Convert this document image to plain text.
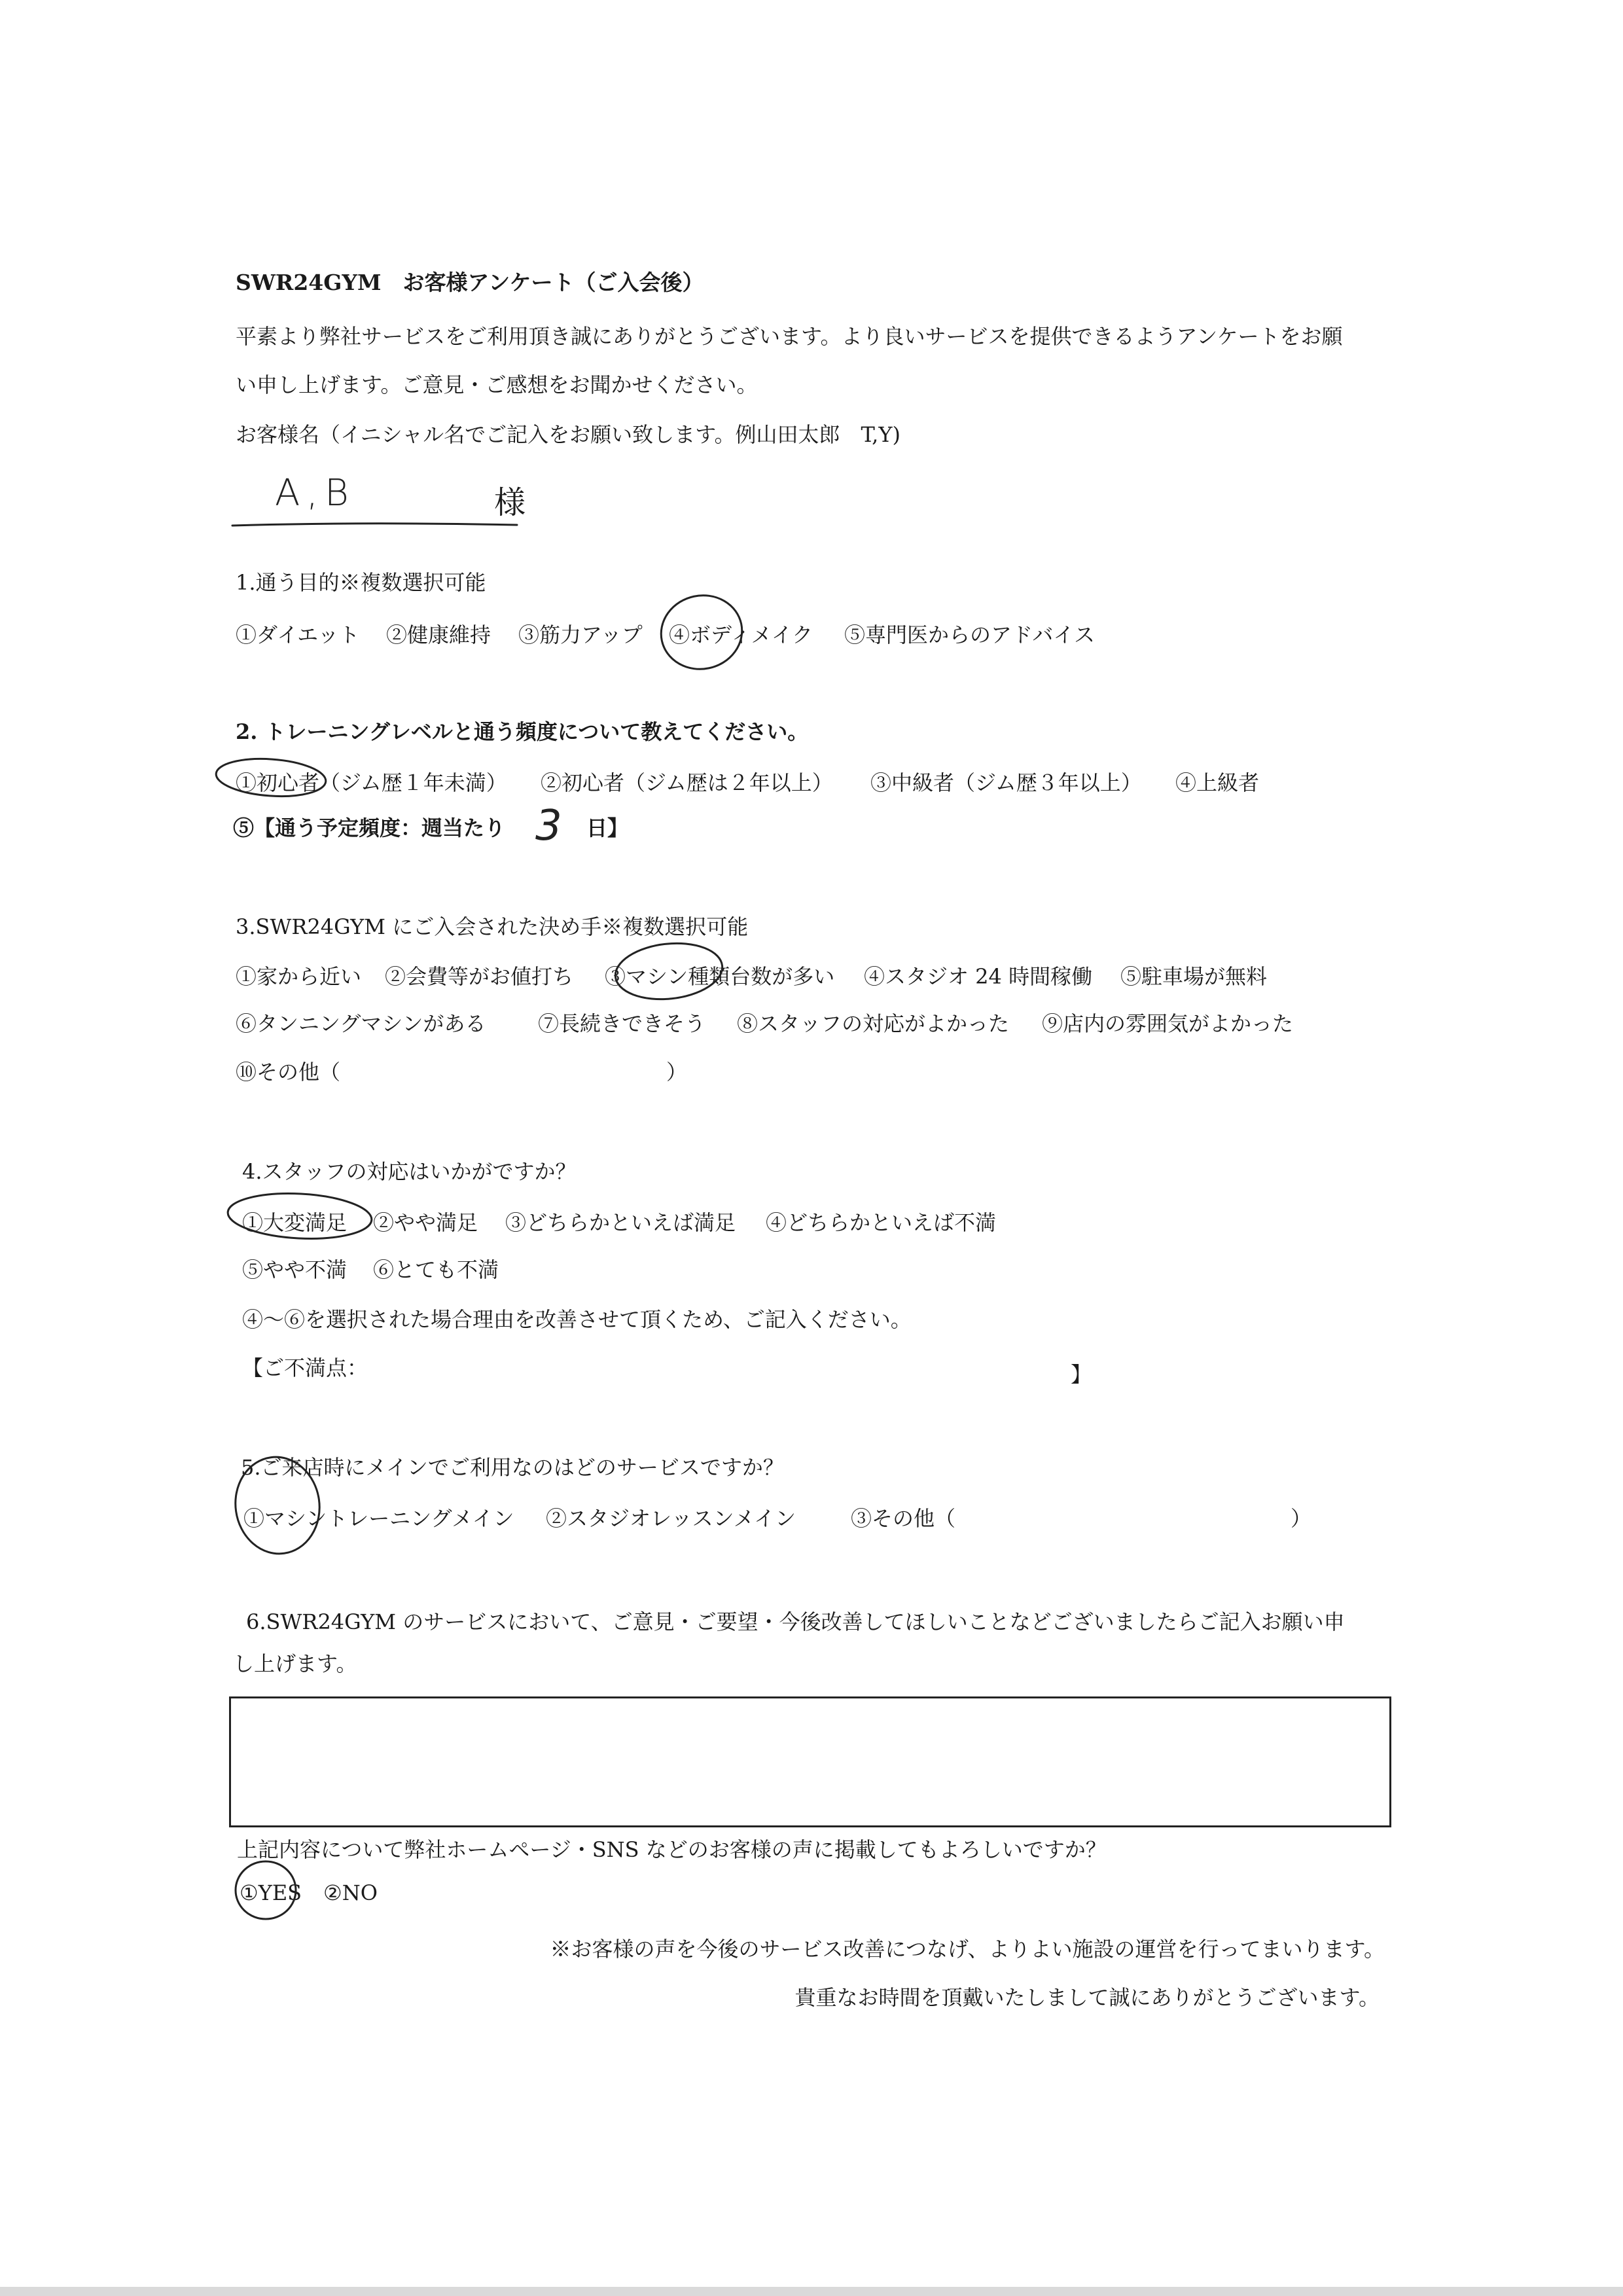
SWR24GYM　お客様アンケート（ご入会後）
平素より弊社サービスをご利用頂き誠にありがとうございます。より良いサービスを提供できるようアンケートをお願
い申し上げます。ご意見・ご感想をお聞かせください。
お客様名（イニシャル名でご記入をお願い致します。例山田太郎　T,Y)
A,B	様
1.通う目的※複数選択可能
①ダイエット ②健康維持 ③筋力アップ ④ボディメイク ⑤専門医からのアドバイス
2. トレーニングレベルと通う頻度について教えてください。
①初心者（ジム歴１年未満） ②初心者（ジム歴は２年以上） ③中級者（ジム歴３年以上） ④上級者
⑤【通う予定頻度：週当たり 3 日】
3.SWR24GYM にご入会された決め手※複数選択可能
①家から近い ②会費等がお値打ち ③マシン種類台数が多い ④スタジオ 24 時間稼働 ⑤駐車場が無料
⑥タンニングマシンがある ⑦長続きできそう ⑧スタッフの対応がよかった ⑨店内の雰囲気がよかった
⑩その他（	）
4.スタッフの対応はいかがですか？
①大変満足 ②やや満足 ③どちらかといえば満足 ④どちらかといえば不満
⑤やや不満 ⑥とても不満
④～⑥を選択された場合理由を改善させて頂くため、ご記入ください。
【ご不満点：	】
5.ご来店時にメインでご利用なのはどのサービスですか？
①マシントレーニングメイン ②スタジオレッスンメイン	③その他（	）
6.SWR24GYM のサービスにおいて、ご意見・ご要望・今後改善してほしいことなどございましたらご記入お願い申
し上げます。
上記内容について弊社ホームページ・SNS などのお客様の声に掲載してもよろしいですか？
①YES ②NO
※お客様の声を今後のサービス改善につなげ、よりよい施設の運営を行ってまいります。
貴重なお時間を頂戴いたしまして誠にありがとうございます。
